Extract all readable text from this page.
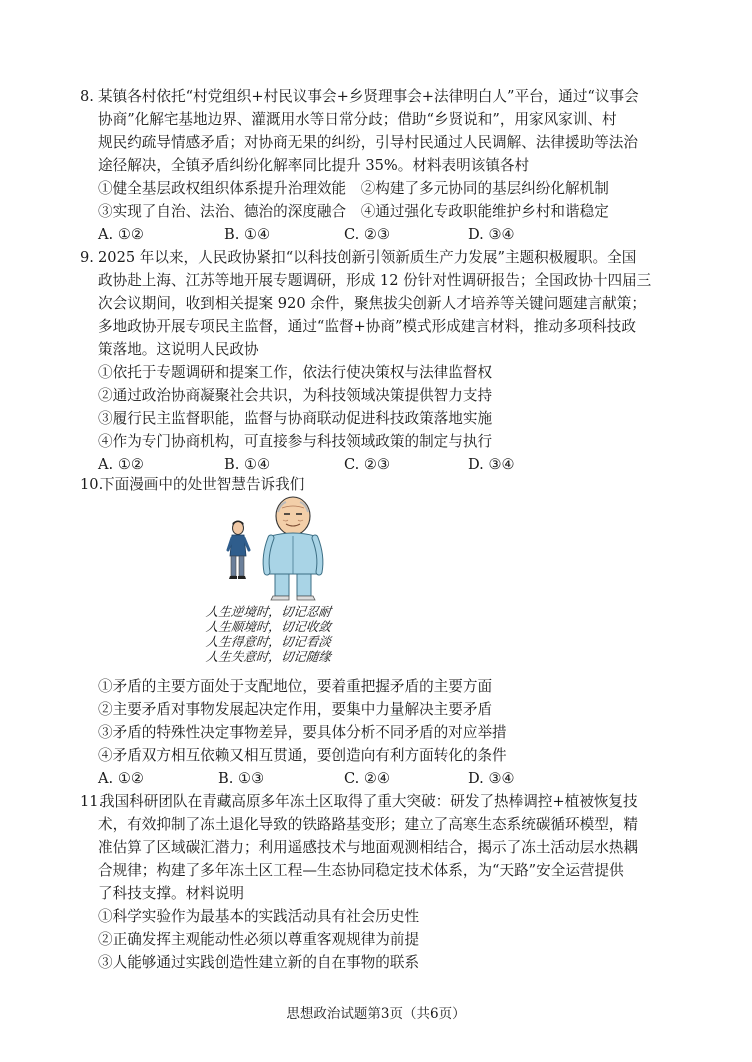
8. 某镇各村依托“村党组织+村民议事会+乡贤理事会+法律明白人”平台，通过“议事会
协商”化解宅基地边界、灌溉用水等日常分歧；借助“乡贤说和”，用家风家训、村
规民约疏导情感矛盾；对协商无果的纠纷，引导村民通过人民调解、法律援助等法治
途径解决，全镇矛盾纠纷化解率同比提升 35%。材料表明该镇各村
①健全基层政权组织体系提升治理效能　②构建了多元协同的基层纠纷化解机制
③实现了自治、法治、德治的深度融合　④通过强化专政职能维护乡村和谐稳定
A. ①②	B. ①④	C. ②③	D. ③④
9. 2025 年以来，人民政协紧扣“以科技创新引领新质生产力发展”主题积极履职。全国
政协赴上海、江苏等地开展专题调研，形成 12 份针对性调研报告；全国政协十四届三
次会议期间，收到相关提案 920 余件，聚焦拔尖创新人才培养等关键问题建言献策；
多地政协开展专项民主监督，通过“监督+协商”模式形成建言材料，推动多项科技政
策落地。这说明人民政协
①依托于专题调研和提案工作，依法行使决策权与法律监督权
②通过政治协商凝聚社会共识，为科技领域决策提供智力支持
③履行民主监督职能，监督与协商联动促进科技政策落地实施
④作为专门协商机构，可直接参与科技领域政策的制定与执行
A. ①②	B. ①④	C. ②③	D. ③④
10.
下面漫画中的处世智慧告诉我们
人生逆境时，切记忍耐
人生顺境时，切记收敛
人生得意时，切记看淡
人生失意时，切记随缘
①矛盾的主要方面处于支配地位，要着重把握矛盾的主要方面
②主要矛盾对事物发展起决定作用，要集中力量解决主要矛盾
③矛盾的特殊性决定事物差异，要具体分析不同矛盾的对应举措
④矛盾双方相互依赖又相互贯通，要创造向有利方面转化的条件
A. ①②	B. ①③	C. ②④	D. ③④
11.
我国科研团队在青藏高原多年冻土区取得了重大突破：研发了热棒调控+植被恢复技
术，有效抑制了冻土退化导致的铁路路基变形；建立了高寒生态系统碳循环模型，精
准估算了区域碳汇潜力；利用遥感技术与地面观测相结合，揭示了冻土活动层水热耦
合规律；构建了多年冻土区工程—生态协同稳定技术体系，为“天路”安全运营提供
了科技支撑。材料说明
①科学实验作为最基本的实践活动具有社会历史性
②正确发挥主观能动性必须以尊重客观规律为前提
③人能够通过实践创造性建立新的自在事物的联系
思想政治试题第3页（共6页）
